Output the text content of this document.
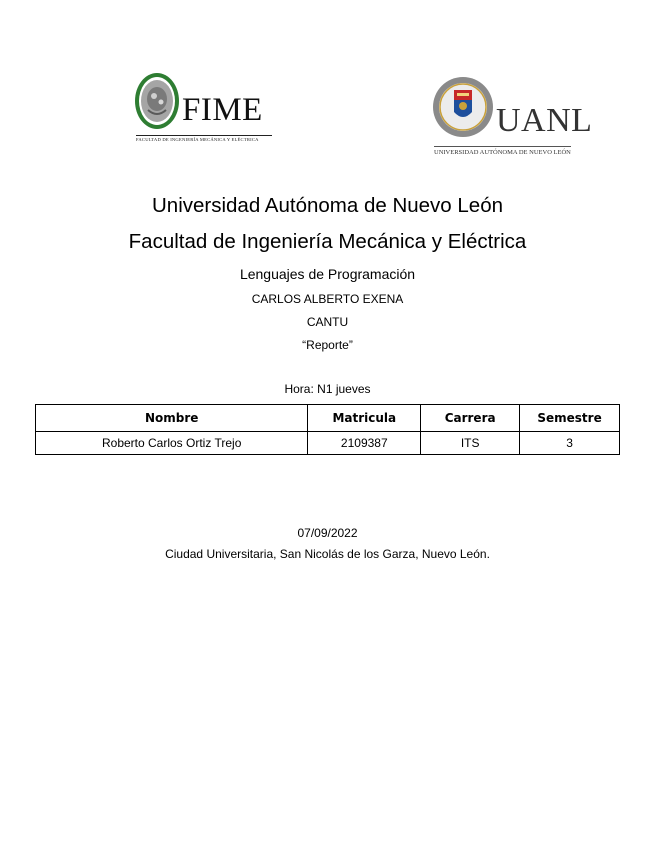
FIME
FACULTAD DE INGENIERÍA MECÁNICA Y ELÉCTRICA
UANL
UNIVERSIDAD AUTÓNOMA DE NUEVO LEÓN
Universidad Autónoma de Nuevo León
Facultad de Ingeniería Mecánica y Eléctrica
Lenguajes de Programación
CARLOS ALBERTO EXENA
CANTU
“Reporte”
Hora: N1 jueves
Nombre	Matricula	Carrera	Semestre
Roberto Carlos Ortiz Trejo	2109387	ITS	3
07/09/2022
Ciudad Universitaria, San Nicolás de los Garza, Nuevo León.
